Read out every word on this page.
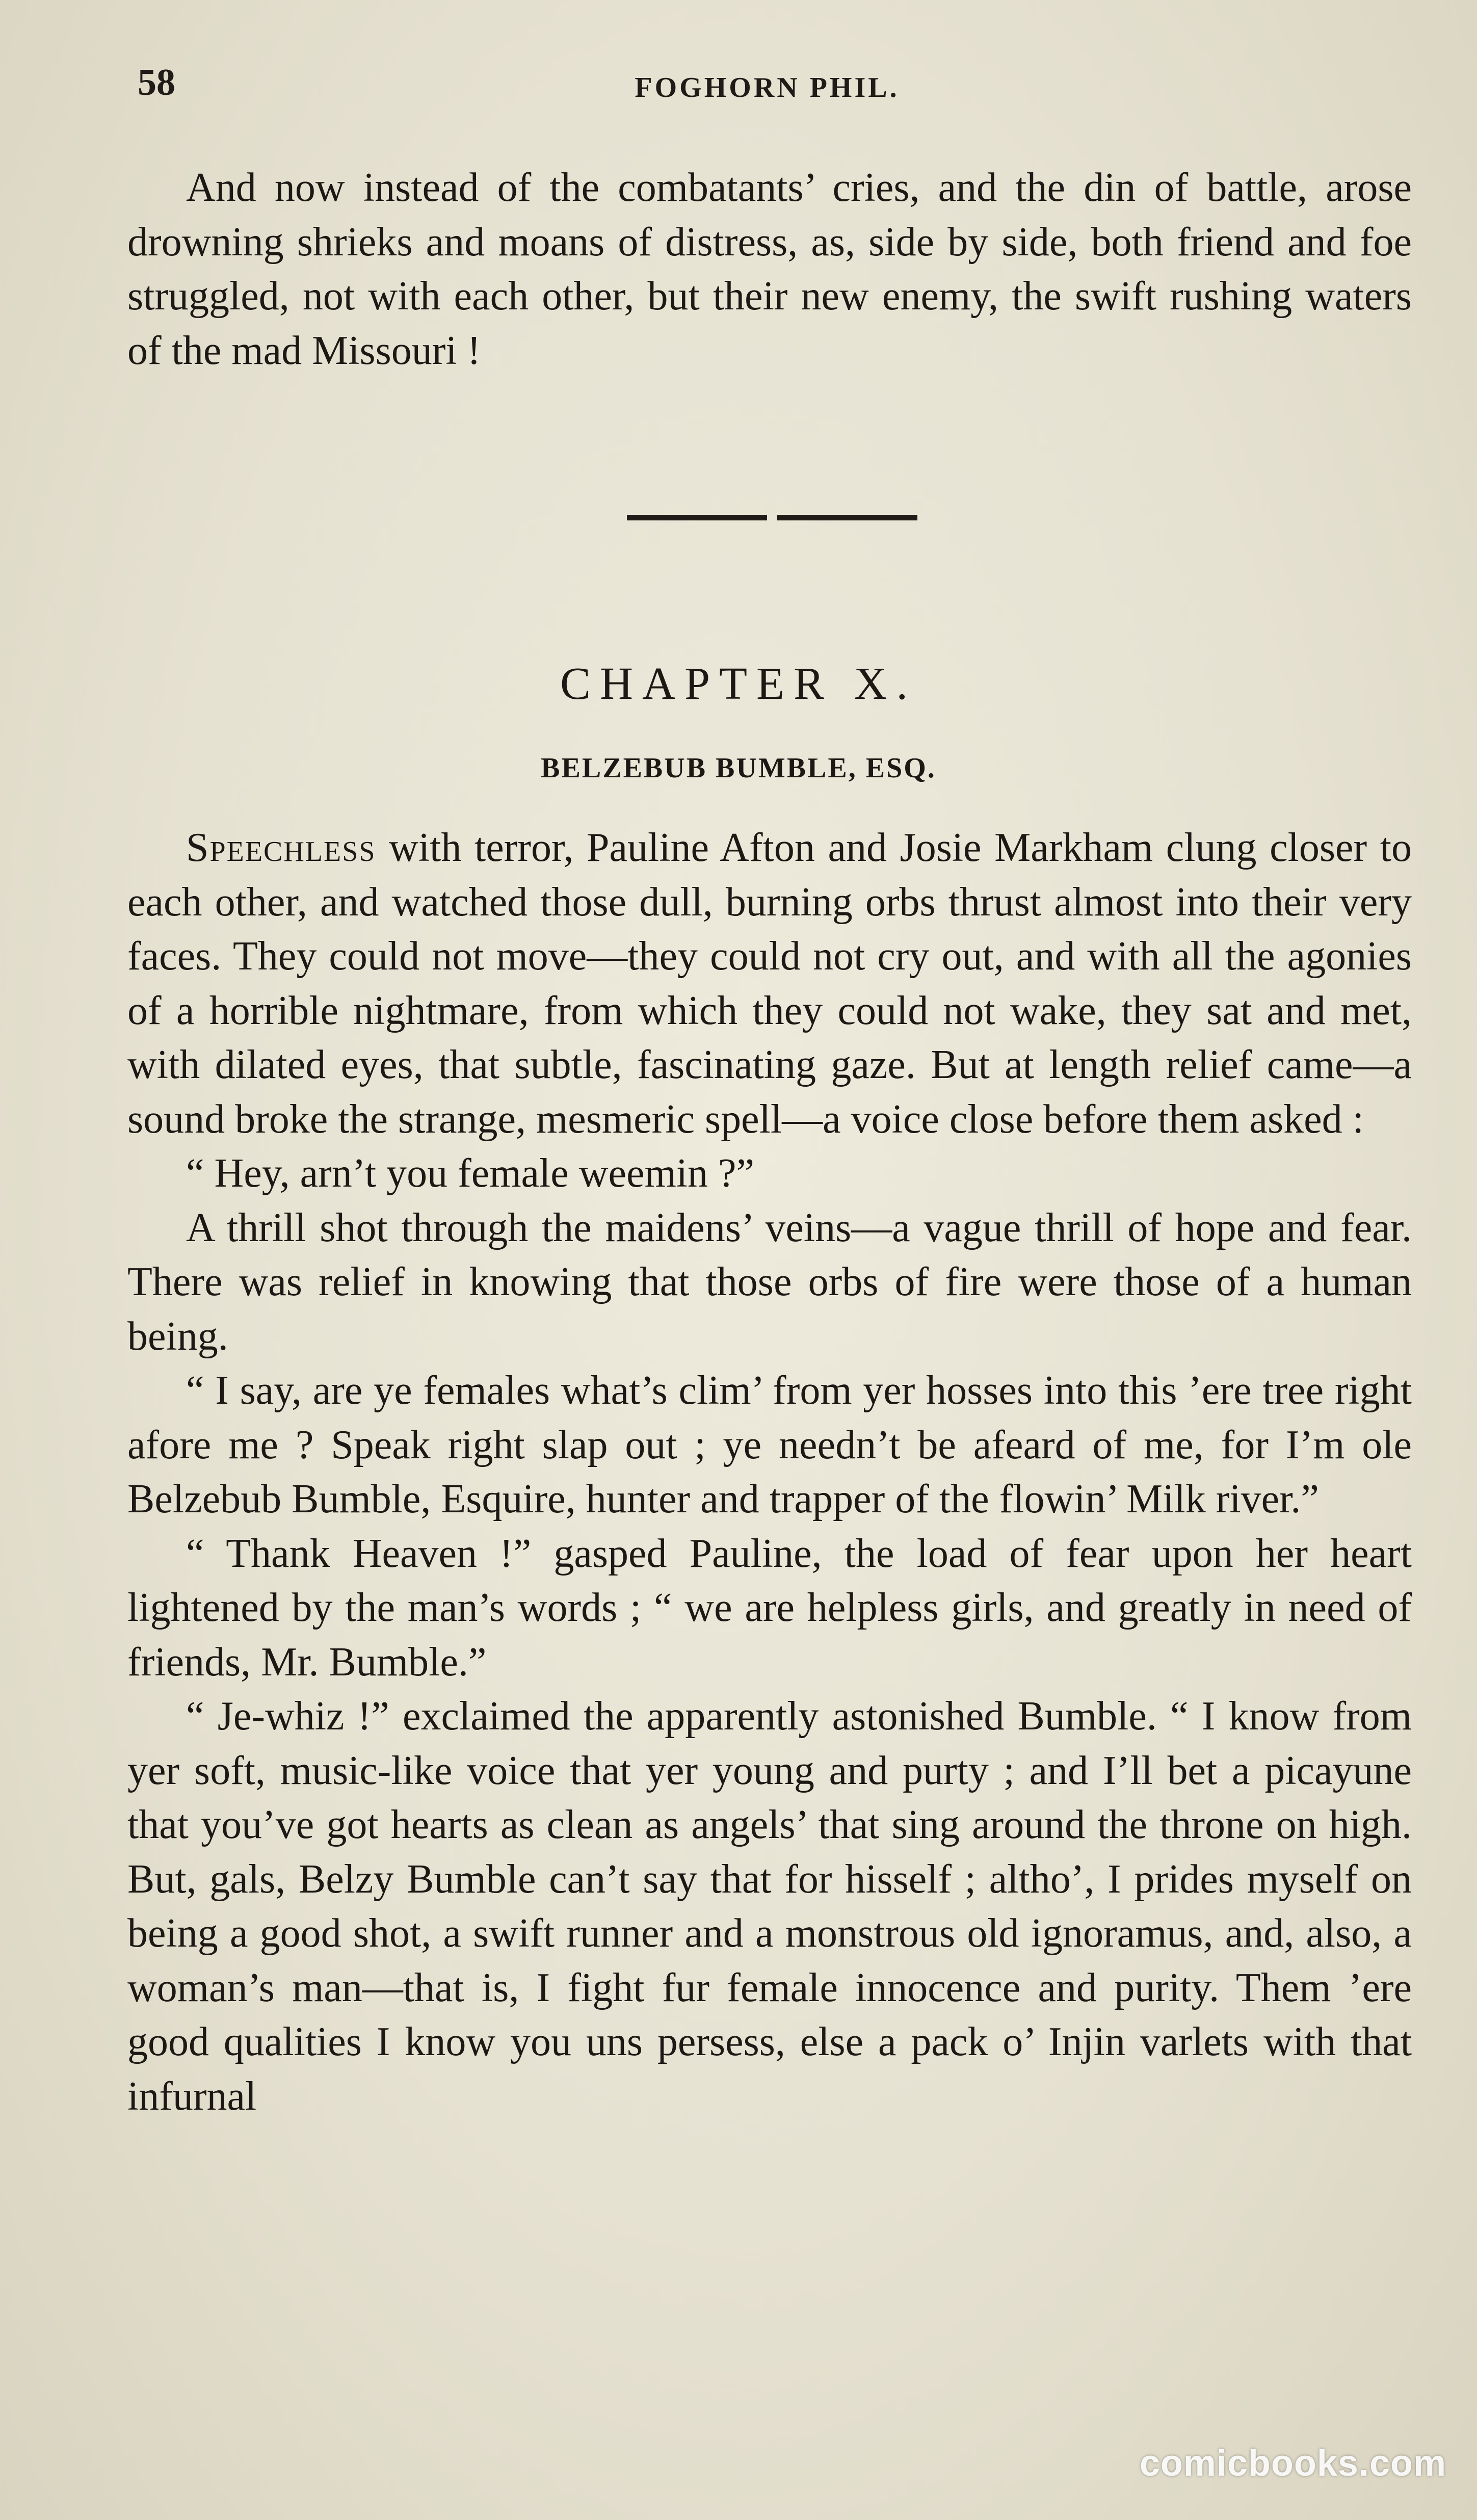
58	FOGHORN PHIL.

And now instead of the combatants’ cries, and the din of battle, arose drowning shrieks and moans of distress, as, side by side, both friend and foe struggled, not with each other, but their new enemy, the swift rushing waters of the mad Missouri !

CHAPTER X.
BELZEBUB BUMBLE, ESQ.

Speechless with terror, Pauline Afton and Josie Markham clung closer to each other, and watched those dull, burning orbs thrust almost into their very faces. They could not move—they could not cry out, and with all the agonies of a horrible nightmare, from which they could not wake, they sat and met, with dilated eyes, that subtle, fascinating gaze. But at length relief came—a sound broke the strange, mesmeric spell—a voice close before them asked :

“ Hey, arn’t you female weemin ?”

A thrill shot through the maidens’ veins—a vague thrill of hope and fear. There was relief in knowing that those orbs of fire were those of a human being.

“ I say, are ye females what’s clim’ from yer hosses into this ’ere tree right afore me ? Speak right slap out ; ye needn’t be afeard of me, for I’m ole Belzebub Bumble, Esquire, hunter and trapper of the flowin’ Milk river.”

“ Thank Heaven !” gasped Pauline, the load of fear upon her heart lightened by the man’s words ; “ we are helpless girls, and greatly in need of friends, Mr. Bumble.”

“ Je-whiz !” exclaimed the apparently astonished Bumble. “ I know from yer soft, music-like voice that yer young and purty ; and I’ll bet a picayune that you’ve got hearts as clean as angels’ that sing around the throne on high. But, gals, Belzy Bumble can’t say that for hisself ; altho’, I prides myself on being a good shot, a swift runner and a monstrous old ignoramus, and, also, a woman’s man—that is, I fight fur female innocence and purity. Them ’ere good qualities I know you uns persess, else a pack o’ Injin varlets with that infurnal

comicbooks.com
